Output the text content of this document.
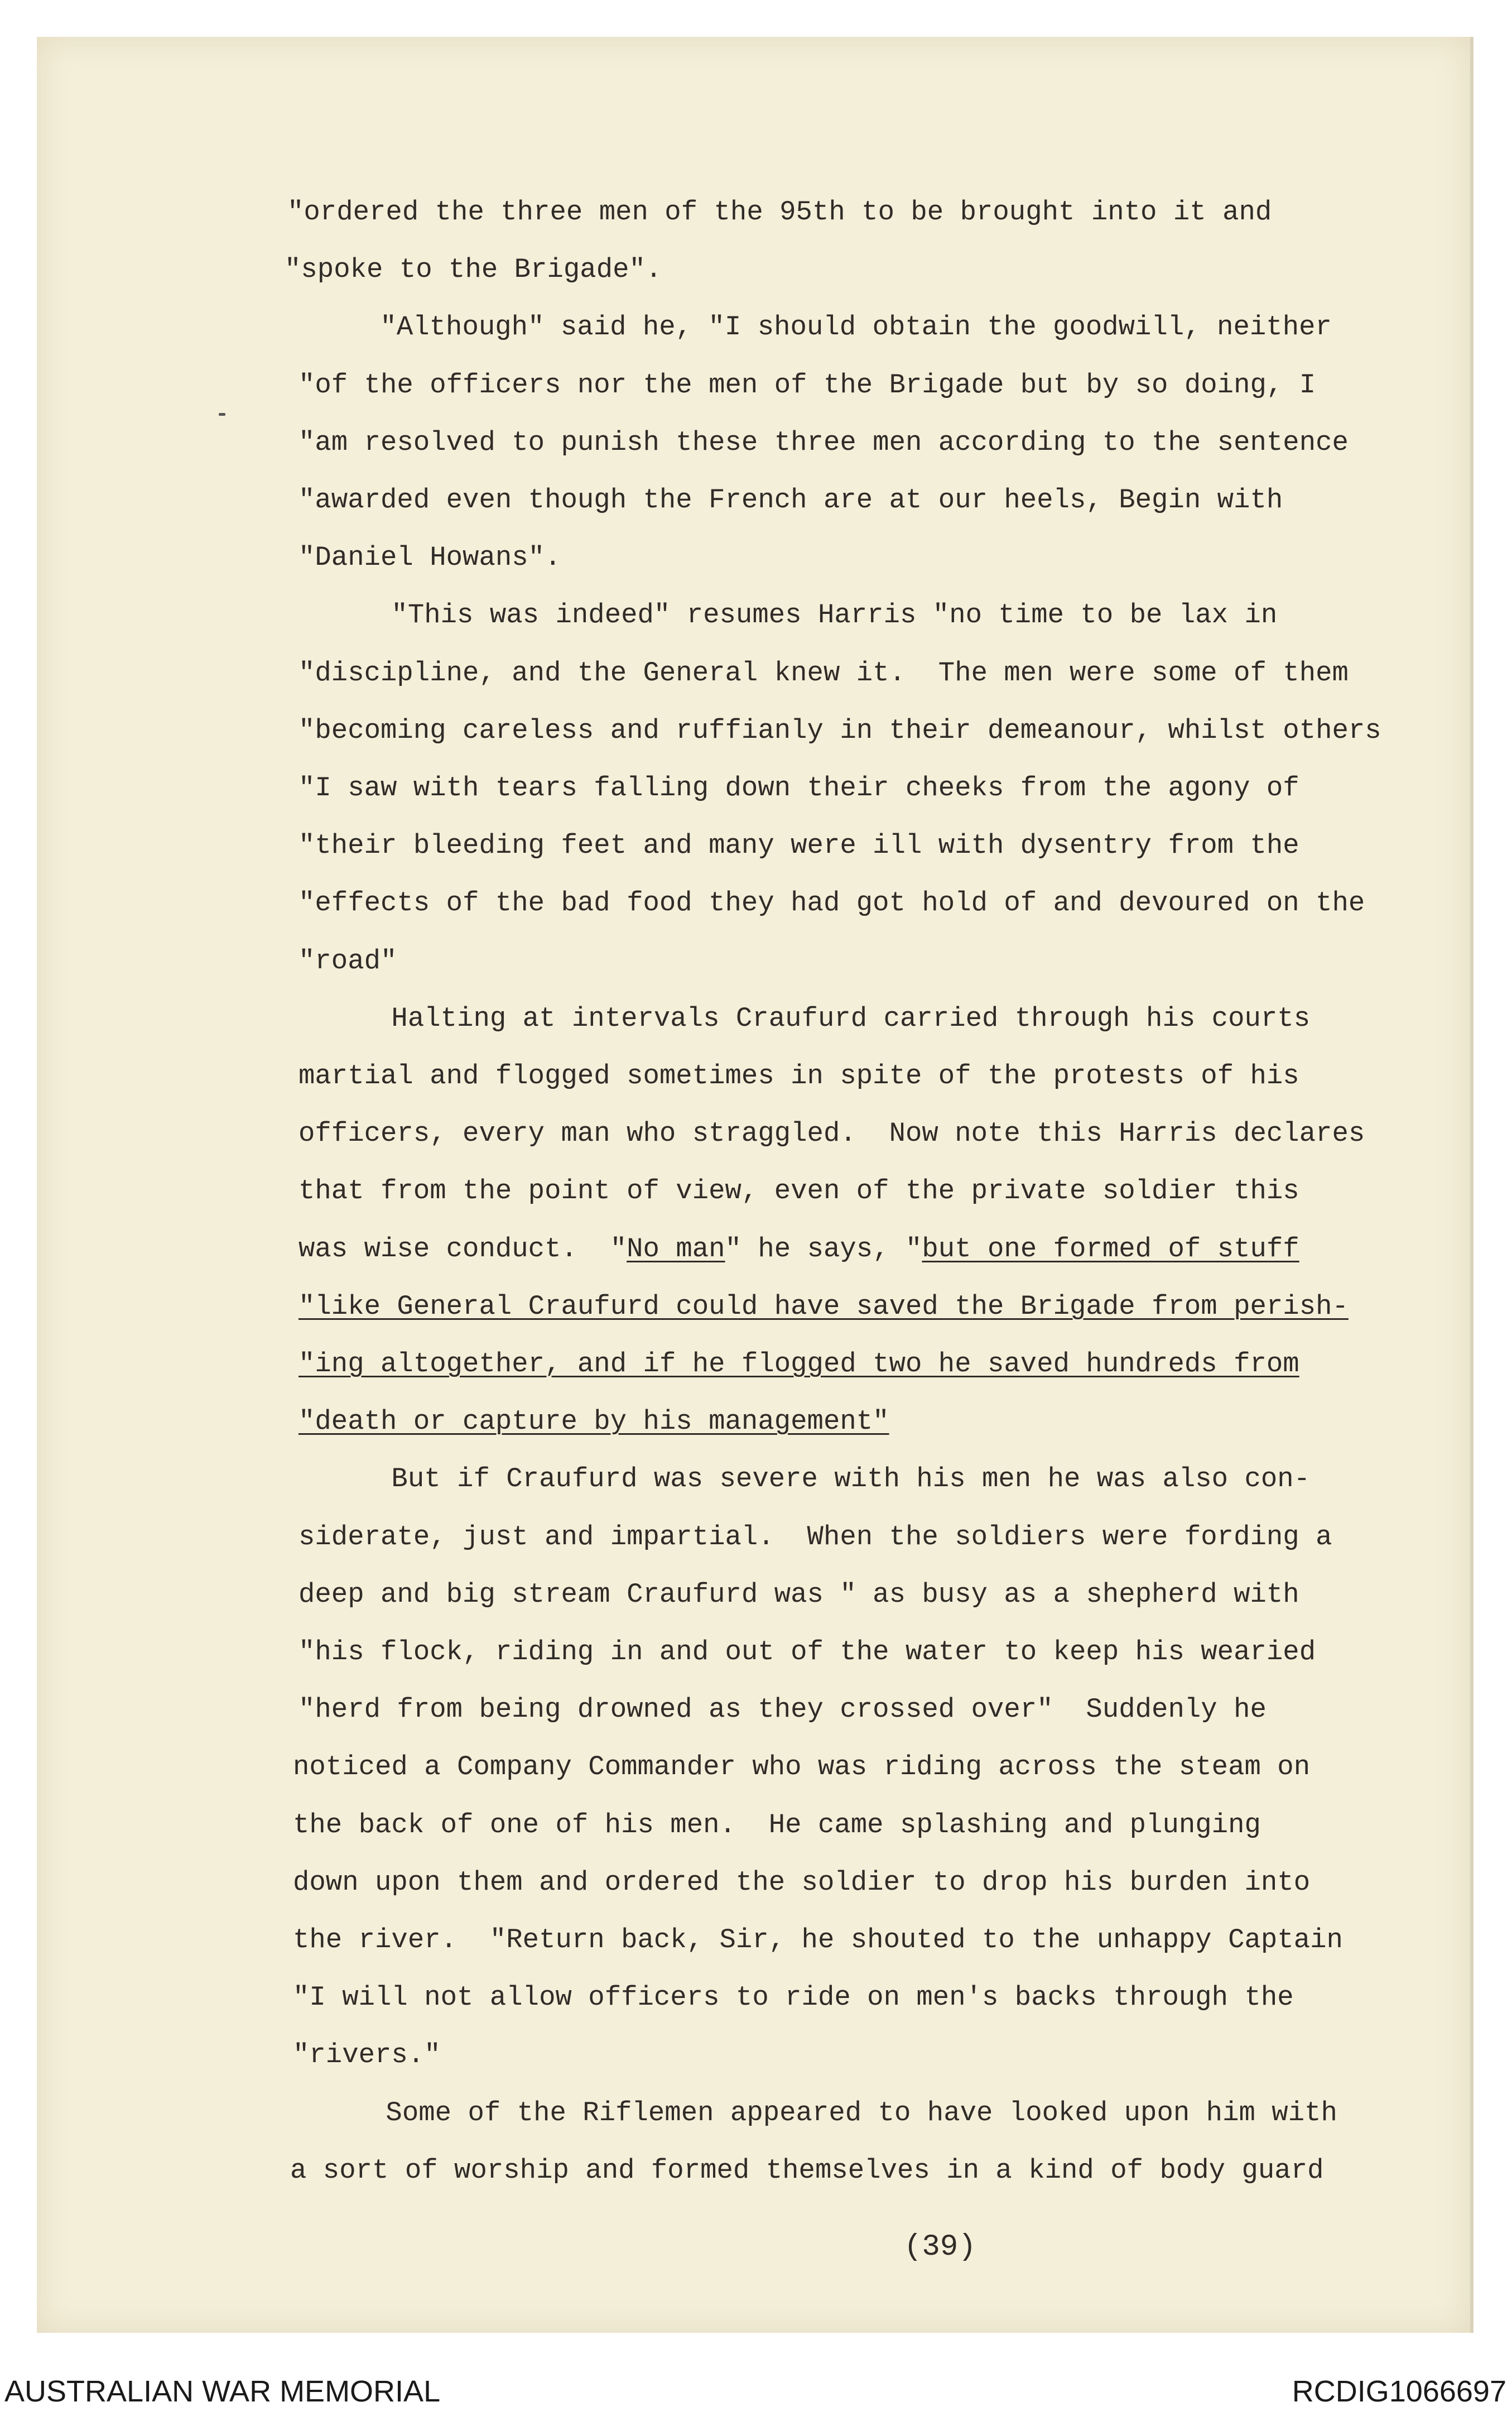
"ordered the three men of the 95th to be brought into it and
"spoke to the Brigade".
"Although" said he, "I should obtain the goodwill, neither
"of the officers nor the men of the Brigade but by so doing, I
"am resolved to punish these three men according to the sentence
"awarded even though the French are at our heels, Begin with
"Daniel Howans".
"This was indeed" resumes Harris "no time to be lax in
"discipline, and the General knew it.  The men were some of them
"becoming careless and ruffianly in their demeanour, whilst others
"I saw with tears falling down their cheeks from the agony of
"their bleeding feet and many were ill with dysentry from the
"effects of the bad food they had got hold of and devoured on the
"road"
Halting at intervals Craufurd carried through his courts
martial and flogged sometimes in spite of the protests of his
officers, every man who straggled.  Now note this Harris declares
that from the point of view, even of the private soldier this
was wise conduct.  "No man" he says, "but one formed of stuff
"like General Craufurd could have saved the Brigade from perish-
"ing altogether, and if he flogged two he saved hundreds from
"death or capture by his management"
But if Craufurd was severe with his men he was also con-
siderate, just and impartial.  When the soldiers were fording a
deep and big stream Craufurd was " as busy as a shepherd with
"his flock, riding in and out of the water to keep his wearied
"herd from being drowned as they crossed over"  Suddenly he
noticed a Company Commander who was riding across the steam on
the back of one of his men.  He came splashing and plunging
down upon them and ordered the soldier to drop his burden into
the river.  "Return back, Sir, he shouted to the unhappy Captain
"I will not allow officers to ride on men's backs through the
"rivers."
Some of the Riflemen appeared to have looked upon him with
a sort of worship and formed themselves in a kind of body guard
(39)
AUSTRALIAN WAR MEMORIAL	RCDIG1066697
